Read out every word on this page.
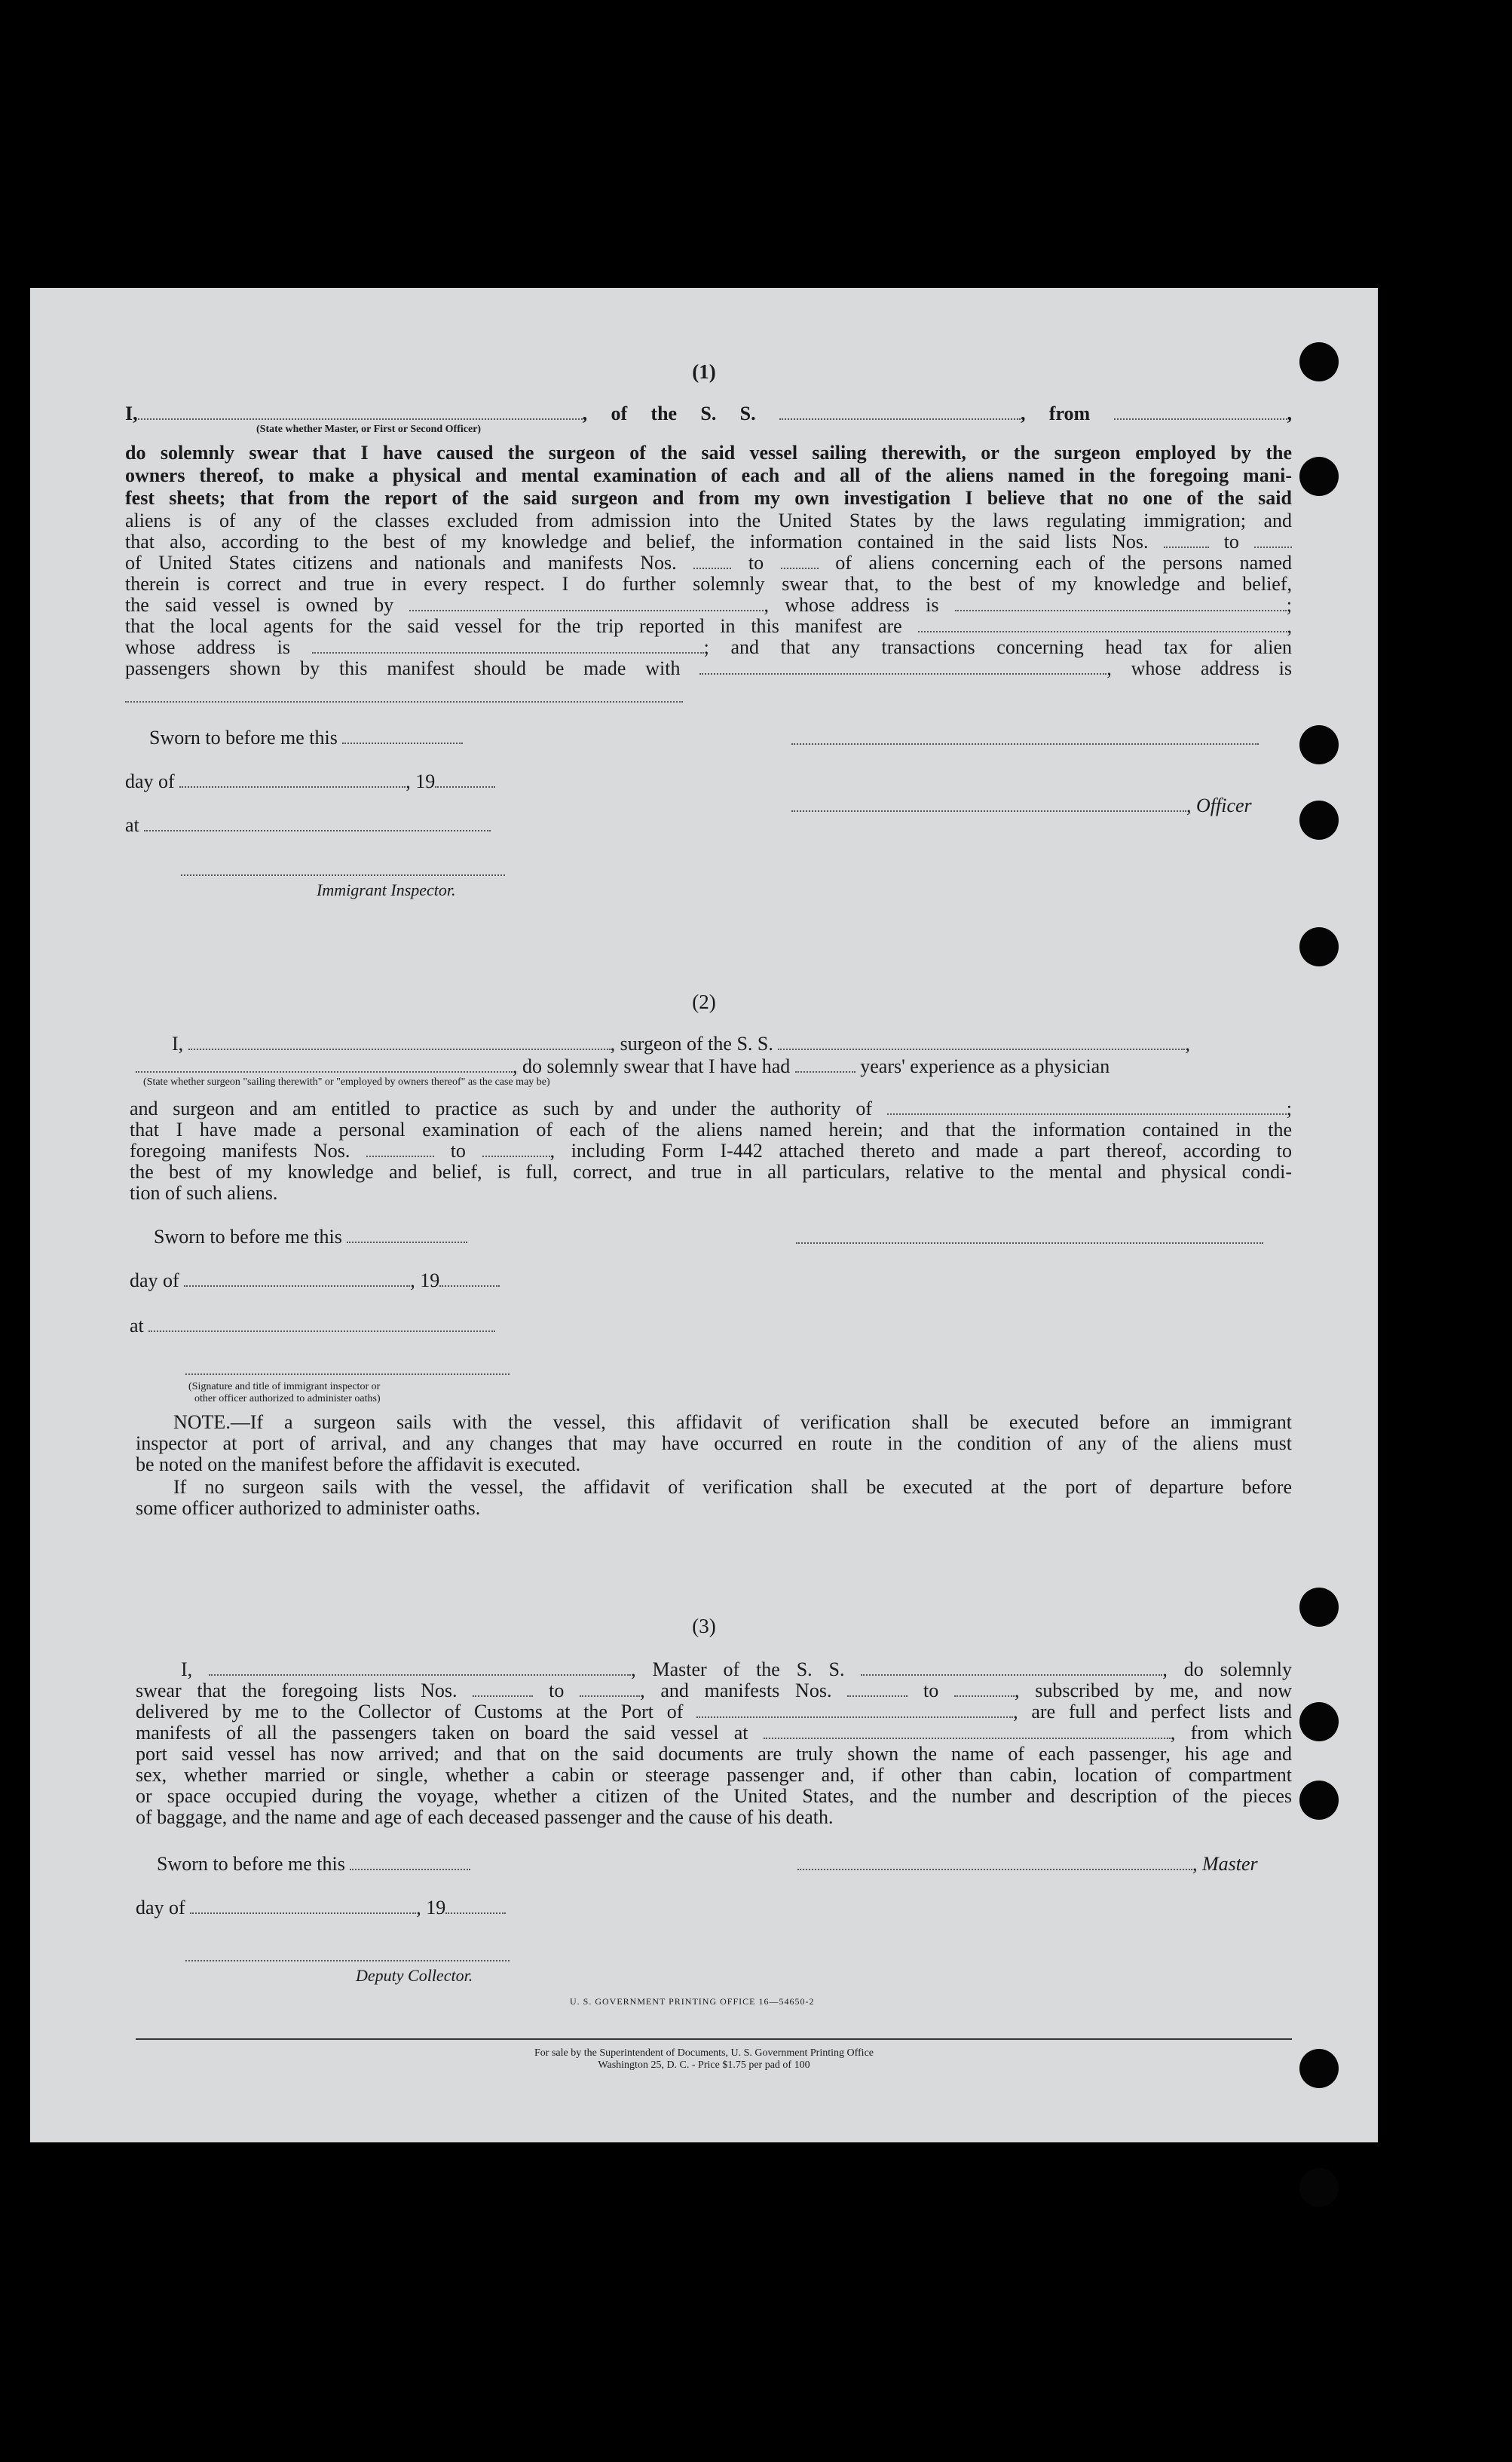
(1)
I,	, of the S. S.	, from	,
(State whether Master, or First or Second Officer)
do solemnly swear that I have caused the surgeon of the said vessel sailing therewith, or the surgeon employed by the
owners thereof, to make a physical and mental examination of each and all of the aliens named in the foregoing mani-
fest sheets; that from the report of the said surgeon and from my own investigation I believe that no one of the said
aliens is of any of the classes excluded from admission into the United States by the laws regulating immigration; and
that also, according to the best of my knowledge and belief, the information contained in the said lists Nos.	to
of United States citizens and nationals and manifests Nos.	to	of aliens concerning each of the persons named
therein is correct and true in every respect. I do further solemnly swear that, to the best of my knowledge and belief,
the said vessel is owned by	, whose address is	;
that the local agents for the said vessel for the trip reported in this manifest are	,
whose address is	; and that any transactions concerning head tax for alien
passengers shown by this manifest should be made with	, whose address is
Sworn to before me this
day of	, 19
, Officer
at
Immigrant Inspector.
(2)
I,	, surgeon of the S. S.	,
, do solemnly swear that I have had	years' experience as a physician
(State whether surgeon "sailing therewith" or "employed by owners thereof" as the case may be)
and surgeon and am entitled to practice as such by and under the authority of	;
that I have made a personal examination of each of the aliens named herein; and that the information contained in the
foregoing manifests Nos.	to	, including Form I-442 attached thereto and made a part thereof, according to
the best of my knowledge and belief, is full, correct, and true in all particulars, relative to the mental and physical condi-
tion of such aliens.
Sworn to before me this
day of	, 19
at
(Signature and title of immigrant inspector or
other officer authorized to administer oaths)
NOTE.—If a surgeon sails with the vessel, this affidavit of verification shall be executed before an immigrant
inspector at port of arrival, and any changes that may have occurred en route in the condition of any of the aliens must
be noted on the manifest before the affidavit is executed.
If no surgeon sails with the vessel, the affidavit of verification shall be executed at the port of departure before
some officer authorized to administer oaths.
(3)
I,	, Master of the S. S.	, do solemnly
swear that the foregoing lists Nos.	to	, and manifests Nos.	to	, subscribed by me, and now
delivered by me to the Collector of Customs at the Port of	, are full and perfect lists and
manifests of all the passengers taken on board the said vessel at	, from which
port said vessel has now arrived; and that on the said documents are truly shown the name of each passenger, his age and
sex, whether married or single, whether a cabin or steerage passenger and, if other than cabin, location of compartment
or space occupied during the voyage, whether a citizen of the United States, and the number and description of the pieces
of baggage, and the name and age of each deceased passenger and the cause of his death.
Sworn to before me this	, Master
day of	, 19
Deputy Collector.
U. S. GOVERNMENT PRINTING OFFICE 16—54650-2
For sale by the Superintendent of Documents, U. S. Government Printing Office
Washington 25, D. C. - Price $1.75 per pad of 100
